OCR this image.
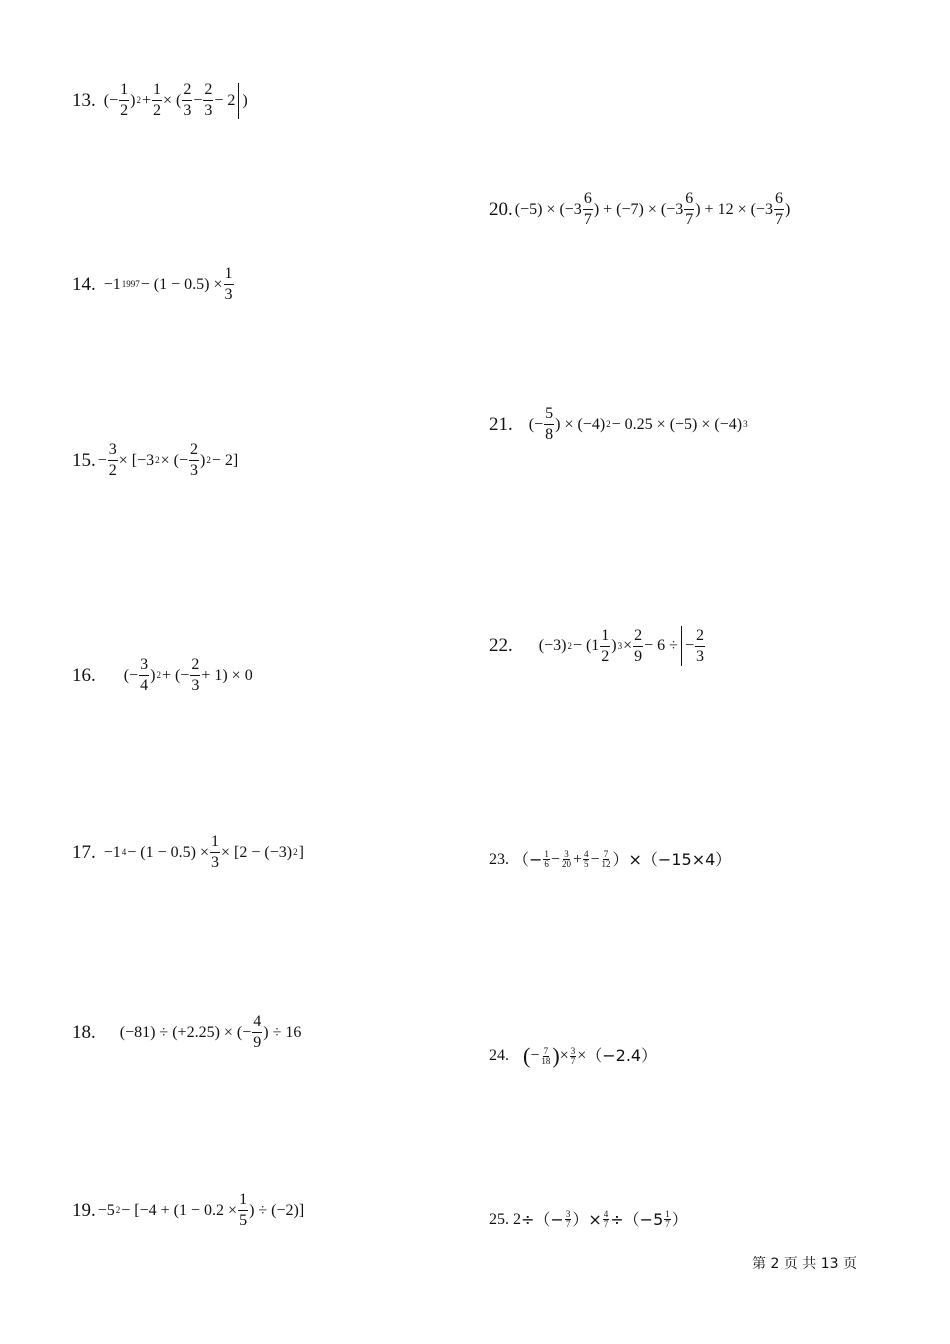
13. (− $\frac{1}{2}$ ) $2 + \frac{1}{2}$ × ( $\frac{2}{3} - \frac{2}{3} - 2$ )
14. −1 $1997 - (1 - 0.5) \times \frac{1}{3}$
15. − $\frac{3}{2} \times [-3$ 2 × (− $\frac{2}{3}$ ) 2 − 2]
16. (− $\frac{3}{4}$ ) 2 + (− $\frac{2}{3} + 1) \times 0$
17. −1 $4 - (1 - 0.5) \times \frac{1}{3} \times [2 - (-3)$ 2 ]
18. (−81) ÷ (+2.25) × (− $\frac{4}{9}$ ) ÷ 16
19. −5 $2 - [-4 + (1 - 0.2 \times \frac{1}{5}$ ) ÷ (−2)]
20. $(-5) \times (-3 \frac{6}{7}$ ) + $(-7) \times (-3 \frac{6}{7}$ ) + $12 \times (-3 \frac{6}{7}$ )
21. (− $\frac{5}{8}$ ) × (−4) 2 − 0.25 × (−5) × (−4) 3
22. (−3) $2 - (1 \frac{1}{2}$ ) $3 \times \frac{2}{9} - 6$ ÷ − $\frac{2}{3}$
23. （− $\frac{1}{6} - \frac{3}{20} + \frac{4}{5} - \frac{7}{12} )\times(-15\times 4)$
24. ( − $\frac{7}{18}$ ) × $\frac{3}{7} \times (-2.4)$
25. 2 ÷（− $\frac{3}{7}$ ）× $\frac{4}{7} \div(-5 \frac{1}{7}$ ）
第 2 页 共 13 页
